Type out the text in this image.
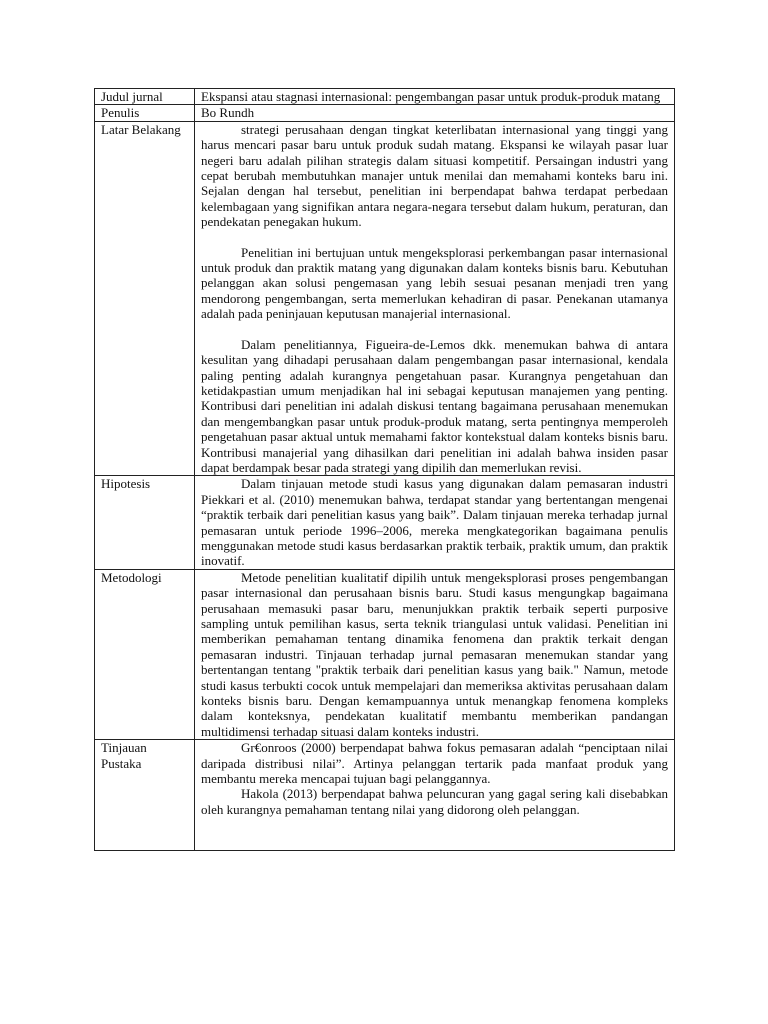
Judul jurnal	Ekspansi atau stagnasi internasional: pengembangan pasar untuk produk-produk matang
Penulis	Bo Rundh
Latar Belakang	strategi perusahaan dengan tingkat keterlibatan internasional yang tinggi yang harus mencari pasar baru untuk produk sudah matang. Ekspansi ke wilayah pasar luar negeri baru adalah pilihan strategis dalam situasi kompetitif. Persaingan industri yang cepat berubah membutuhkan manajer untuk menilai dan memahami konteks baru ini. Sejalan dengan hal tersebut, penelitian ini berpendapat bahwa terdapat perbedaan kelembagaan yang signifikan antara negara-negara tersebut dalam hukum, peraturan, dan pendekatan penegakan hukum.

Penelitian ini bertujuan untuk mengeksplorasi perkembangan pasar internasional untuk produk dan praktik matang yang digunakan dalam konteks bisnis baru. Kebutuhan pelanggan akan solusi pengemasan yang lebih sesuai pesanan menjadi tren yang mendorong pengembangan, serta memerlukan kehadiran di pasar. Penekanan utamanya adalah pada peninjauan keputusan manajerial internasional.

Dalam penelitiannya, Figueira-de-Lemos dkk. menemukan bahwa di antara kesulitan yang dihadapi perusahaan dalam pengembangan pasar internasional, kendala paling penting adalah kurangnya pengetahuan pasar. Kurangnya pengetahuan dan ketidakpastian umum menjadikan hal ini sebagai keputusan manajemen yang penting. Kontribusi dari penelitian ini adalah diskusi tentang bagaimana perusahaan menemukan dan mengembangkan pasar untuk produk-produk matang, serta pentingnya memperoleh pengetahuan pasar aktual untuk memahami faktor kontekstual dalam konteks bisnis baru. Kontribusi manajerial yang dihasilkan dari penelitian ini adalah bahwa insiden pasar dapat berdampak besar pada strategi yang dipilih dan memerlukan revisi.

Hipotesis	Dalam tinjauan metode studi kasus yang digunakan dalam pemasaran industri Piekkari et al. (2010) menemukan bahwa, terdapat standar yang bertentangan mengenai “praktik terbaik dari penelitian kasus yang baik”. Dalam tinjauan mereka terhadap jurnal pemasaran untuk periode 1996–2006, mereka mengkategorikan bagaimana penulis menggunakan metode studi kasus berdasarkan praktik terbaik, praktik umum, dan praktik inovatif.

Metodologi	Metode penelitian kualitatif dipilih untuk mengeksplorasi proses pengembangan pasar internasional dan perusahaan bisnis baru. Studi kasus mengungkap bagaimana perusahaan memasuki pasar baru, menunjukkan praktik terbaik seperti purposive sampling untuk pemilihan kasus, serta teknik triangulasi untuk validasi. Penelitian ini memberikan pemahaman tentang dinamika fenomena dan praktik terkait dengan pemasaran industri. Tinjauan terhadap jurnal pemasaran menemukan standar yang bertentangan tentang "praktik terbaik dari penelitian kasus yang baik." Namun, metode studi kasus terbukti cocok untuk mempelajari dan memeriksa aktivitas perusahaan dalam konteks bisnis baru. Dengan kemampuannya untuk menangkap fenomena kompleks dalam konteksnya, pendekatan kualitatif membantu memberikan pandangan multidimensi terhadap situasi dalam konteks industri.

Tinjauan Pustaka	Gr€onroos (2000) berpendapat bahwa fokus pemasaran adalah “penciptaan nilai daripada distribusi nilai”. Artinya pelanggan tertarik pada manfaat produk yang membantu mereka mencapai tujuan bagi pelanggannya.

Hakola (2013) berpendapat bahwa peluncuran yang gagal sering kali disebabkan oleh kurangnya pemahaman tentang nilai yang didorong oleh pelanggan.
